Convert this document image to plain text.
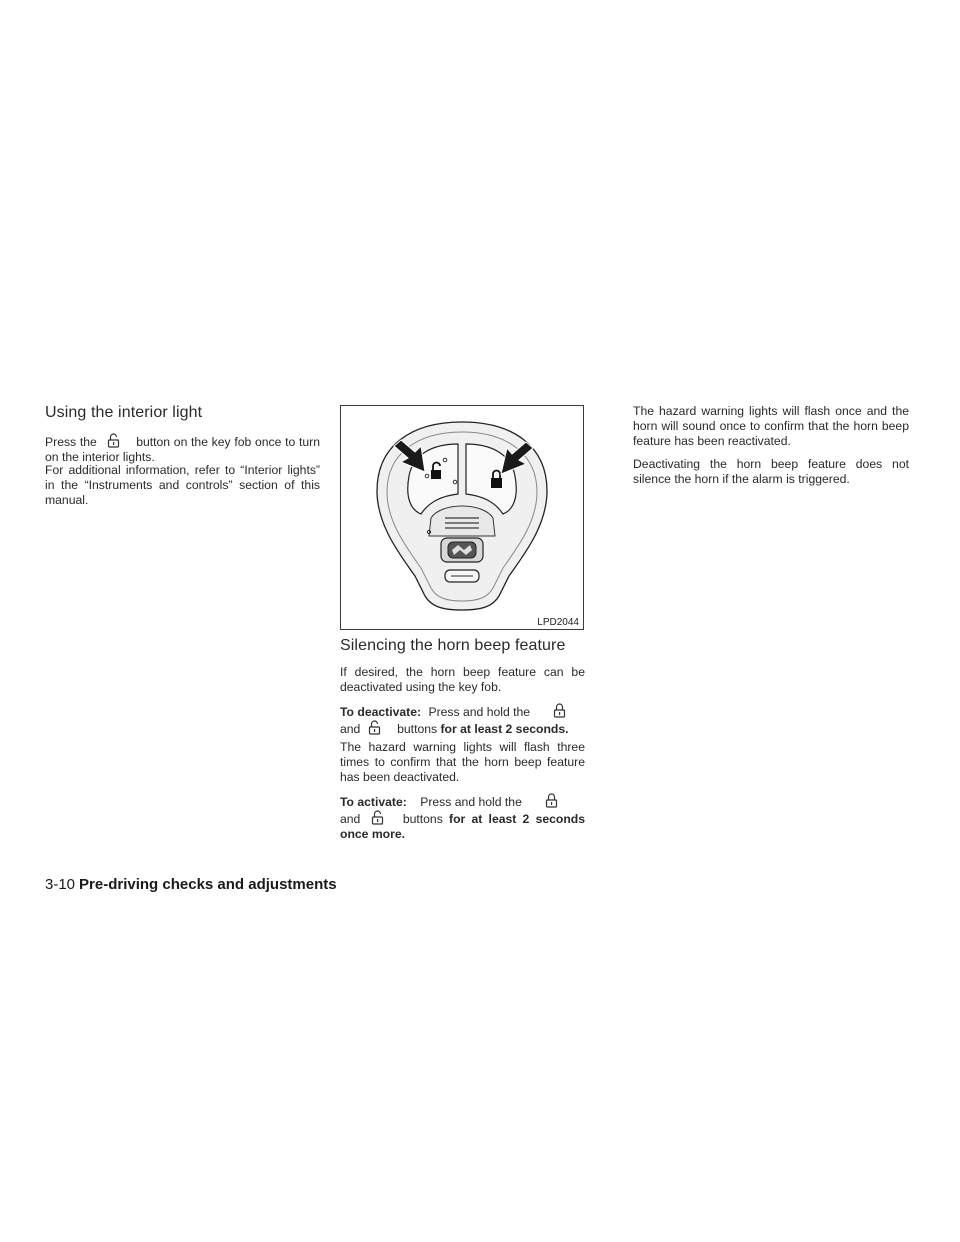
Using the interior light

Press the	button on the key fob once to turn on the interior lights.

For additional information, refer to “Interior lights” in the “Instruments and controls” section of this manual.

LPD2044
Silencing the horn beep feature

If desired, the horn beep feature can be deactivated using the key fob.

To deactivate: Press and hold the

and	buttons for at least 2 seconds.

The hazard warning lights will flash three times to confirm that the horn beep feature has been deactivated.

To activate: Press and hold the

and	buttons for at least 2 seconds once more.

The hazard warning lights will flash once and the horn will sound once to confirm that the horn beep feature has been reactivated.

Deactivating the horn beep feature does not silence the horn if the alarm is triggered.

3-10 Pre-driving checks and adjustments
